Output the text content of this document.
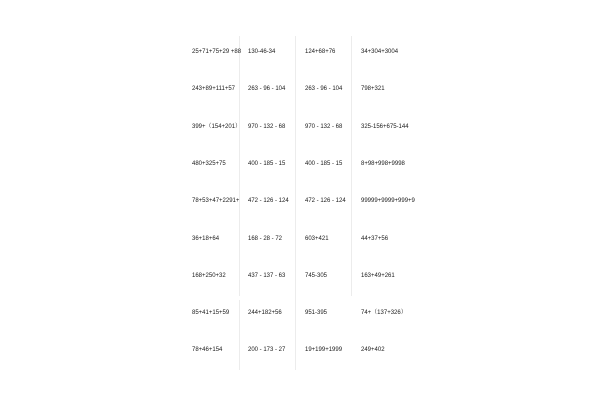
25+71+75+29 +88
243+89+111+57
399+（154+201）
480+325+75
78+53+47+2291+
36+18+64
168+250+32
85+41+15+59
78+46+154
130-46-34
263 - 96 - 104
970 - 132 - 68
400 - 185 - 15
472 - 126 - 124
168 - 28 - 72
437 - 137 - 63
244+182+56
200 - 173 - 27
124+68+76
263 - 96 - 104
970 - 132 - 68
400 - 185 - 15
472 - 126 - 124
603+421
745-305
951-395
19+199+1999
34+304+3004
798+321
325-156+675-144
8+98+998+9998
99999+9999+999+9
44+37+56
163+49+261
74+（137+326）
249+402
